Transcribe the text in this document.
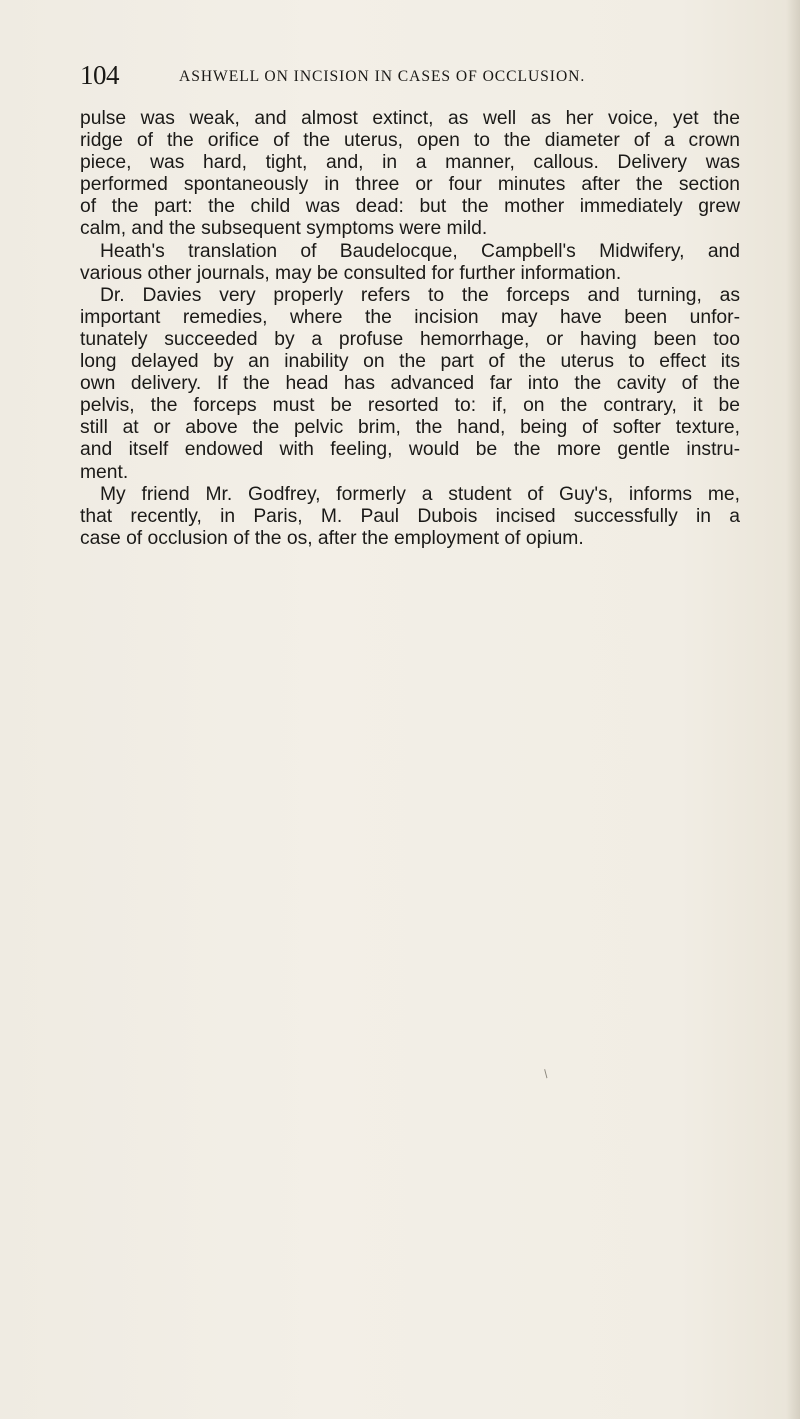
104	ASHWELL ON INCISION IN CASES OF OCCLUSION.
pulse was weak, and almost extinct, as well as her voice, yet the
ridge of the orifice of the uterus, open to the diameter of a crown
piece, was hard, tight, and, in a manner, callous. Delivery was
performed spontaneously in three or four minutes after the section
of the part: the child was dead: but the mother immediately grew
calm, and the subsequent symptoms were mild.
Heath's translation of Baudelocque, Campbell's Midwifery, and
various other journals, may be consulted for further information.
Dr. Davies very properly refers to the forceps and turning, as
important remedies, where the incision may have been unfor-
tunately succeeded by a profuse hemorrhage, or having been too
long delayed by an inability on the part of the uterus to effect its
own delivery. If the head has advanced far into the cavity of the
pelvis, the forceps must be resorted to: if, on the contrary, it be
still at or above the pelvic brim, the hand, being of softer texture,
and itself endowed with feeling, would be the more gentle instru-
ment.
My friend Mr. Godfrey, formerly a student of Guy's, informs me,
that recently, in Paris, M. Paul Dubois incised successfully in a
case of occlusion of the os, after the employment of opium.
/
